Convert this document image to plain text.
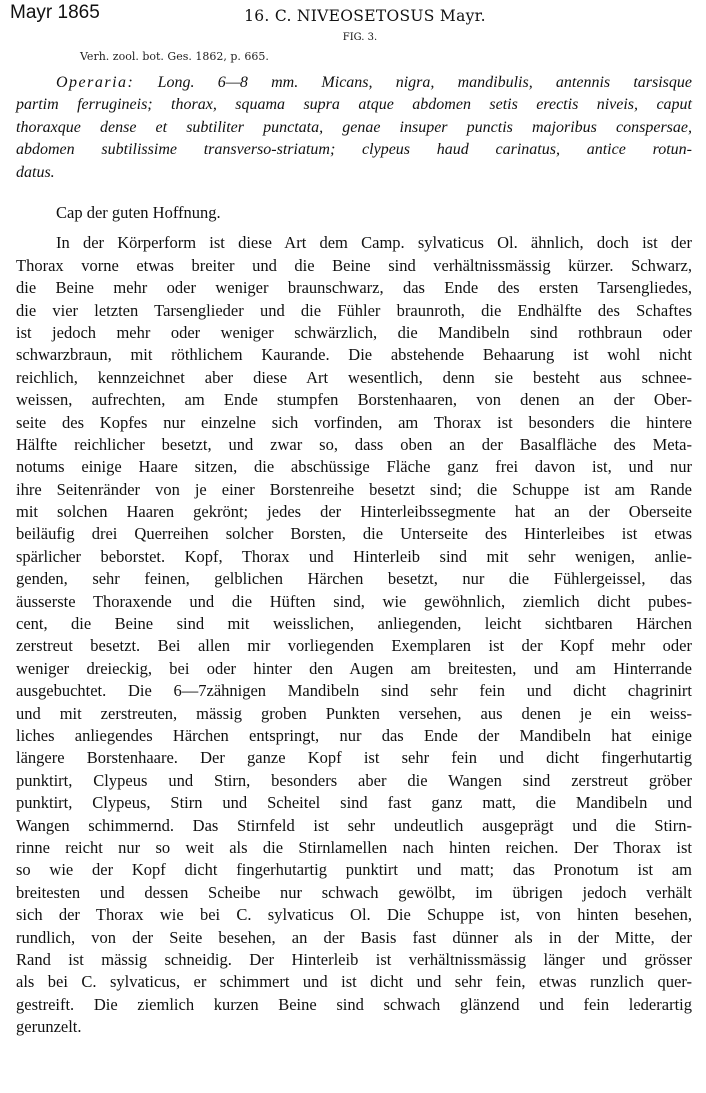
Mayr 1865	16. C. NIVEOSETOSUS Mayr.
FIG. 3.
Verh. zool. bot. Ges. 1862, p. 665.
Operaria: Long. 6—8 mm. Micans, nigra, mandibulis, antennis tarsisque
partim ferrugineis; thorax, squama supra atque abdomen setis erectis niveis, caput
thoraxque dense et subtiliter punctata, genae insuper punctis majoribus conspersae,
abdomen subtilissime transverso-striatum; clypeus haud carinatus, antice rotun-
datus.
Cap der guten Hoffnung.
In der Körperform ist diese Art dem Camp. sylvaticus Ol. ähnlich, doch ist der
Thorax vorne etwas breiter und die Beine sind verhältnissmässig kürzer. Schwarz,
die Beine mehr oder weniger braunschwarz, das Ende des ersten Tarsengliedes,
die vier letzten Tarsenglieder und die Fühler braunroth, die Endhälfte des Schaftes
ist jedoch mehr oder weniger schwärzlich, die Mandibeln sind rothbraun oder
schwarzbraun, mit röthlichem Kaurande. Die abstehende Behaarung ist wohl nicht
reichlich, kennzeichnet aber diese Art wesentlich, denn sie besteht aus schnee-
weissen, aufrechten, am Ende stumpfen Borstenhaaren, von denen an der Ober-
seite des Kopfes nur einzelne sich vorfinden, am Thorax ist besonders die hintere
Hälfte reichlicher besetzt, und zwar so, dass oben an der Basalfläche des Meta-
notums einige Haare sitzen, die abschüssige Fläche ganz frei davon ist, und nur
ihre Seitenränder von je einer Borstenreihe besetzt sind; die Schuppe ist am Rande
mit solchen Haaren gekrönt; jedes der Hinterleibssegmente hat an der Oberseite
beiläufig drei Querreihen solcher Borsten, die Unterseite des Hinterleibes ist etwas
spärlicher beborstet. Kopf, Thorax und Hinterleib sind mit sehr wenigen, anlie-
genden, sehr feinen, gelblichen Härchen besetzt, nur die Fühlergeissel, das
äusserste Thoraxende und die Hüften sind, wie gewöhnlich, ziemlich dicht pubes-
cent, die Beine sind mit weisslichen, anliegenden, leicht sichtbaren Härchen
zerstreut besetzt. Bei allen mir vorliegenden Exemplaren ist der Kopf mehr oder
weniger dreieckig, bei oder hinter den Augen am breitesten, und am Hinterrande
ausgebuchtet. Die 6—7zähnigen Mandibeln sind sehr fein und dicht chagrinirt
und mit zerstreuten, mässig groben Punkten versehen, aus denen je ein weiss-
liches anliegendes Härchen entspringt, nur das Ende der Mandibeln hat einige
längere Borstenhaare. Der ganze Kopf ist sehr fein und dicht fingerhutartig
punktirt, Clypeus und Stirn, besonders aber die Wangen sind zerstreut gröber
punktirt, Clypeus, Stirn und Scheitel sind fast ganz matt, die Mandibeln und
Wangen schimmernd. Das Stirnfeld ist sehr undeutlich ausgeprägt und die Stirn-
rinne reicht nur so weit als die Stirnlamellen nach hinten reichen. Der Thorax ist
so wie der Kopf dicht fingerhutartig punktirt und matt; das Pronotum ist am
breitesten und dessen Scheibe nur schwach gewölbt, im übrigen jedoch verhält
sich der Thorax wie bei C. sylvaticus Ol. Die Schuppe ist, von hinten besehen,
rundlich, von der Seite besehen, an der Basis fast dünner als in der Mitte, der
Rand ist mässig schneidig. Der Hinterleib ist verhältnissmässig länger und grösser
als bei C. sylvaticus, er schimmert und ist dicht und sehr fein, etwas runzlich quer-
gestreift. Die ziemlich kurzen Beine sind schwach glänzend und fein lederartig
gerunzelt.
